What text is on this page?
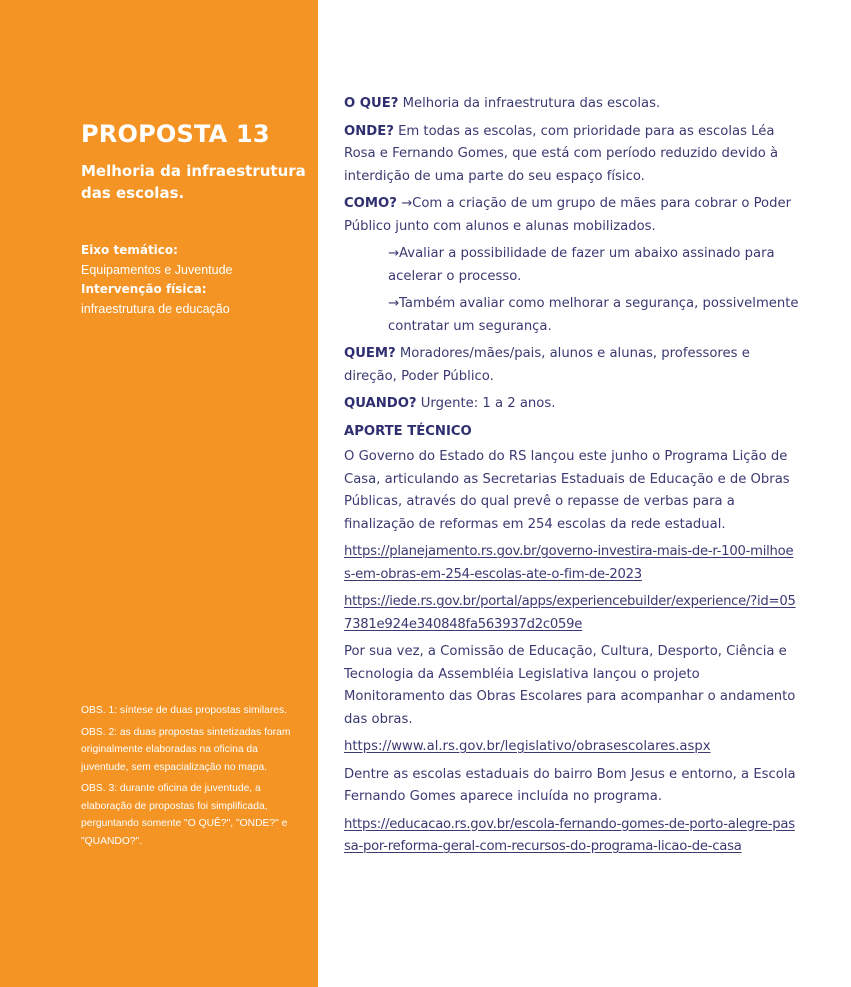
PROPOSTA 13
Melhoria da infraestrutura das escolas.
Eixo temático:
Equipamentos e Juventude
Intervenção física:
infraestrutura de educação

OBS. 1: síntese de duas propostas similares.

OBS. 2: as duas propostas sintetizadas foram originalmente elaboradas na oficina da juventude, sem espacialização no mapa.

OBS. 3: durante oficina de juventude, a elaboração de propostas foi simplificada, perguntando somente "O QUÊ?", "ONDE?" e "QUANDO?".

O QUE? Melhoria da infraestrutura das escolas.

ONDE? Em todas as escolas, com prioridade para as escolas Léa Rosa e Fernando Gomes, que está com período reduzido devido à interdição de uma parte do seu espaço físico.

COMO? →Com a criação de um grupo de mães para cobrar o Poder Público junto com alunos e alunas mobilizados.

→Avaliar a possibilidade de fazer um abaixo assinado para acelerar o processo.

→Também avaliar como melhorar a segurança, possivelmente contratar um segurança.

QUEM? Moradores/mães/pais, alunos e alunas, professores e direção, Poder Público.

QUANDO? Urgente: 1 a 2 anos.

APORTE TÉCNICO

O Governo do Estado do RS lançou este junho o Programa Lição de Casa, articulando as Secretarias Estaduais de Educação e de Obras Públicas, através do qual prevê o repasse de verbas para a finalização de reformas em 254 escolas da rede estadual.

https://planejamento.rs.gov.br/governo-investira-mais-de-r-100-milhoes-em-obras-em-254-escolas-ate-o-fim-de-2023

https://iede.rs.gov.br/portal/apps/experiencebuilder/experience/?id=057381e924e340848fa563937d2c059e

Por sua vez, a Comissão de Educação, Cultura, Desporto, Ciência e Tecnologia da Assembléia Legislativa lançou o projeto Monitoramento das Obras Escolares para acompanhar o andamento das obras.

https://www.al.rs.gov.br/legislativo/obrasescolares.aspx

Dentre as escolas estaduais do bairro Bom Jesus e entorno, a Escola Fernando Gomes aparece incluída no programa.

https://educacao.rs.gov.br/escola-fernando-gomes-de-porto-alegre-passa-por-reforma-geral-com-recursos-do-programa-licao-de-casa
